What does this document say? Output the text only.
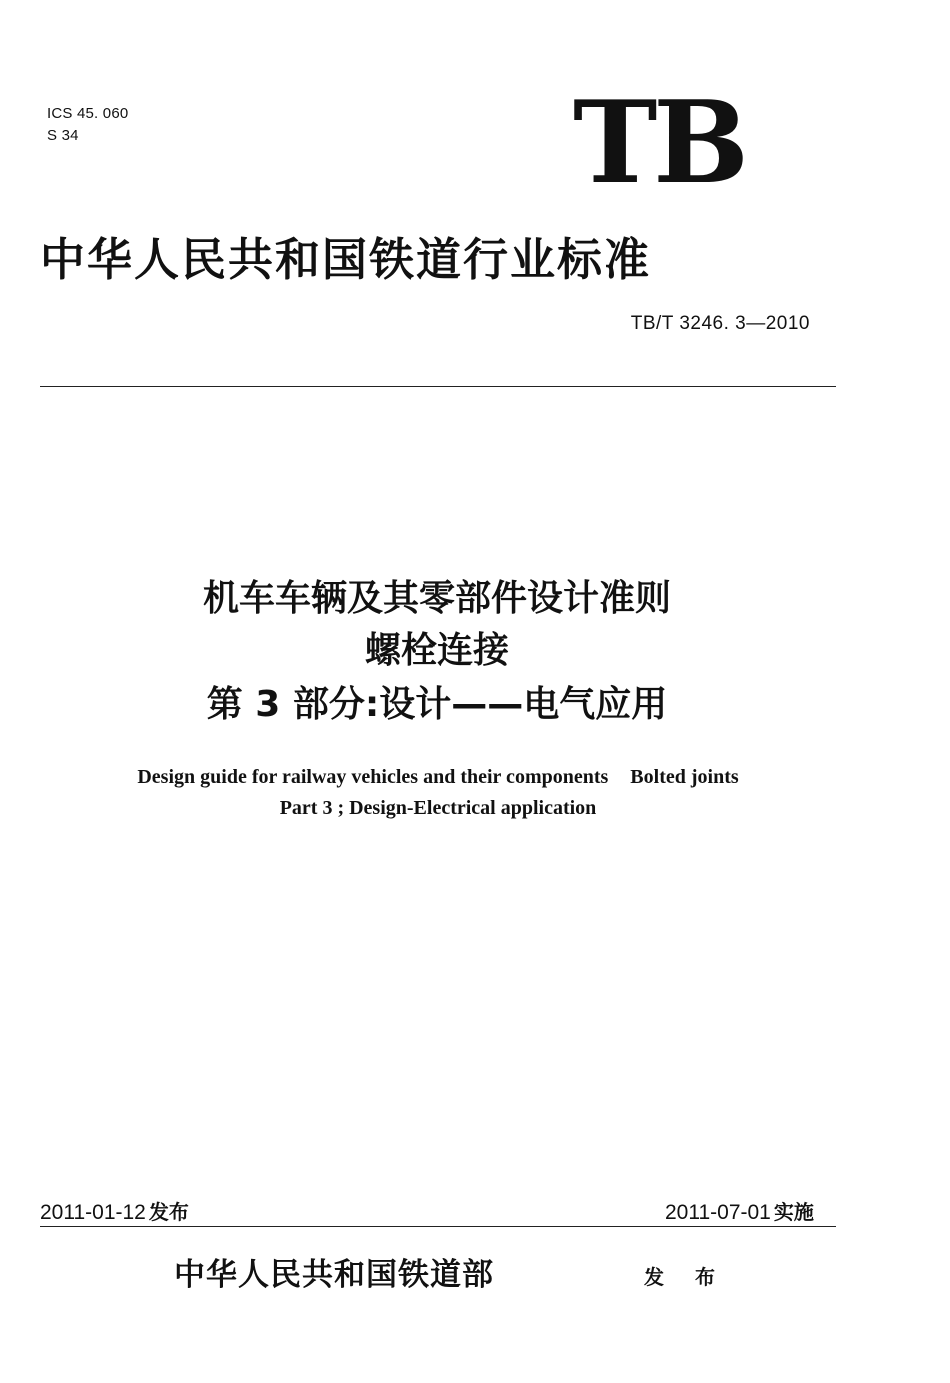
ICS 45. 060
S 34	TB
中华人民共和国铁道行业标准
TB/T 3246. 3—2010
机车车辆及其零部件设计准则
螺栓连接
第 3 部分:设计——电气应用
Design guide for railway vehicles and their components Bolted joints
Part 3 ; Design-Electrical application
2011-01-12 发布	2011-07-01 实施
中华人民共和国铁道部	发 布
